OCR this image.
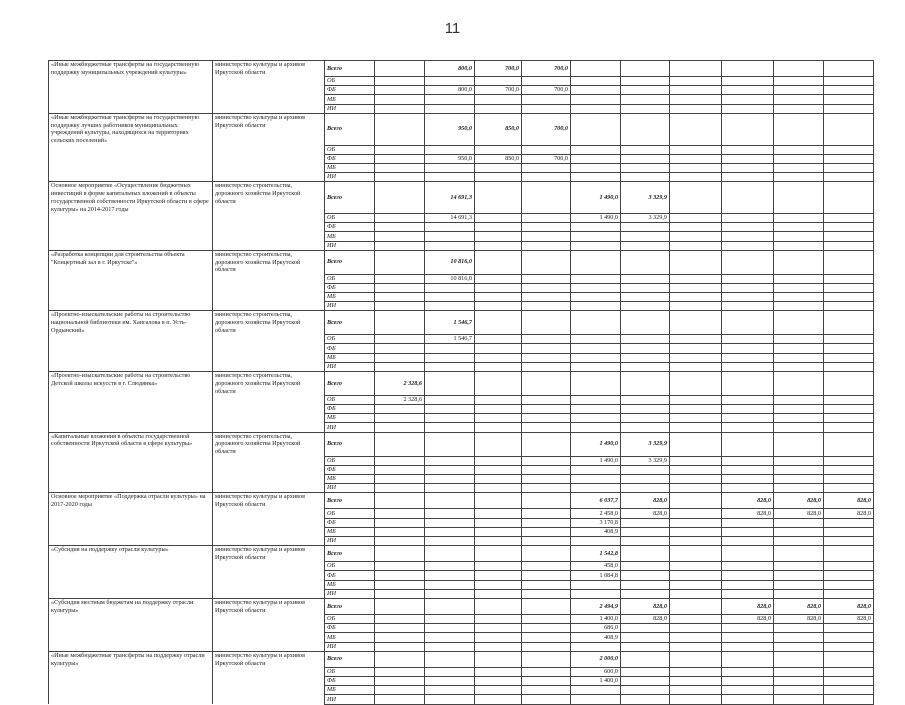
11
«Иные межбюджетные трансферты на государственную поддержку муниципальных учреждений культуры»	министерство культуры и архивов Иркутской области	Всего		800,0	700,0	700,0						
		ОБ										
		ФБ		800,0	700,0	700,0						
		МБ										
		ИИ										
«Иные межбюджетные трансферты на государственную поддержку лучших работников муниципальных учреждений культуры, находящихся на территориях сельских поселений»	министерство культуры и архивов Иркутской области	Всего		950,0	850,0	700,0						
		ОБ										
		ФБ		950,0	850,0	700,0						
		МБ										
		ИИ										
Основное мероприятие «Осуществление бюджетных инвестиций в форме капитальных вложений в объекты государственной собственности Иркутской области в сфере культуры» на 2014-2017 годы	министерство строительства, дорожного хозяйства Иркутской области	Всего		14 691,3			1 490,0	3 329,9				
		ОБ		14 691,3			1 490,0	3 329,9				
		ФБ										
		МБ										
		ИИ										
«Разработка концепции для строительства объекта "Концертный зал в г. Иркутске"»	министерство строительства, дорожного хозяйства Иркутской области	Всего		10 816,0								
		ОБ		10 816,0								
		ФБ										
		МБ										
		ИИ										
«Проектно-изыскательские работы на строительство национальной библиотеки им. Хангалова в п. Усть-Ордынский»	министерство строительства, дорожного хозяйства Иркутской области	Всего		1 546,7								
		ОБ		1 546,7								
		ФБ										
		МБ										
		ИИ										
«Проектно-изыскательские работы на строительство Детской школы искусств в г. Слюдянка»	министерство строительства, дорожного хозяйства Иркутской области	Всего	2 328,6									
		ОБ	2 328,6									
		ФБ										
		МБ										
		ИИ										
«Капитальные вложения в объекты государственной собственности Иркутской области в сфере культуры»	министерство строительства, дорожного хозяйства Иркутской области	Всего					1 490,0	3 329,9				
		ОБ					1 490,0	3 329,9				
		ФБ										
		МБ										
		ИИ										
Основное мероприятие «Поддержка отрасли культуры» на 2017-2020 годы	министерство культуры и архивов Иркутской области	Всего					6 037,7	828,0		828,0	828,0	828,0
		ОБ					2 458,0	828,0		828,0	828,0	828,0
		ФБ					3 170,8					
		МБ					408,9					
		ИИ										
«Субсидия на поддержку отрасли культуры»	министерство культуры и архивов Иркутской области	Всего					1 542,8					
		ОБ					458,0					
		ФБ					1 084,8					
		МБ										
		ИИ										
«Субсидия местным бюджетам на поддержку отрасли культуры»	министерство культуры и архивов Иркутской области	Всего					2 494,9	828,0		828,0	828,0	828,0
		ОБ					1 400,0	828,0		828,0	828,0	828,0
		ФБ					686,0					
		МБ					408,9					
		ИИ										
«Иные межбюджетные трансферты на поддержку отрасли культуры»	министерство культуры и архивов Иркутской области	Всего					2 000,0					
		ОБ					600,0					
		ФБ					1 400,0					
		МБ										
		ИИ										
